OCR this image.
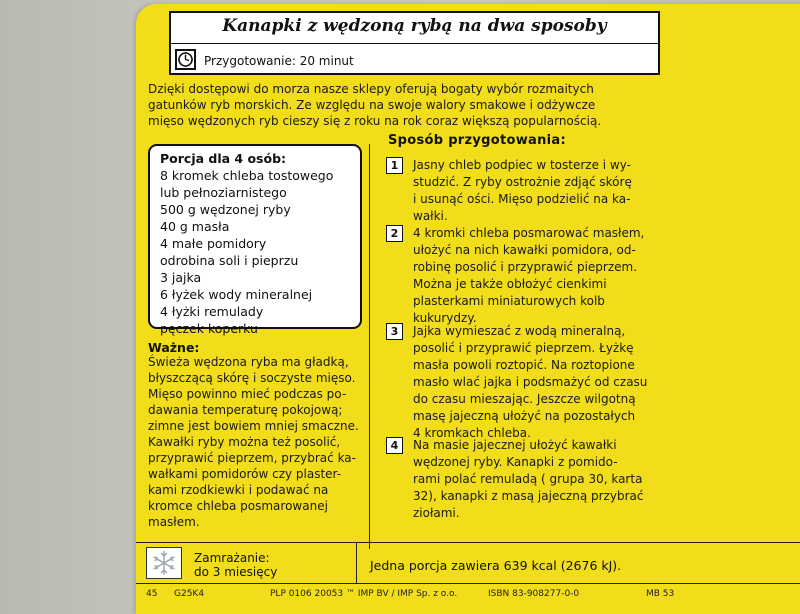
Kanapki z wędzoną rybą na dwa sposoby
Przygotowanie: 20 minut
Dzięki dostępowi do morza nasze sklepy oferują bogaty wybór rozmaitych
gatunków ryb morskich. Ze względu na swoje walory smakowe i odżywcze
mięso wędzonych ryb cieszy się z roku na rok coraz większą popularnością.
Porcja dla 4 osób:
8 kromek chleba tostowego
lub pełnoziarnistego
500 g wędzonej ryby
40 g masła
4 małe pomidory
odrobina soli i pieprzu
3 jajka
6 łyżek wody mineralnej
4 łyżki remulady
pęczek koperku
Ważne:
Świeża wędzona ryba ma gładką,
błyszczącą skórę i soczyste mięso.
Mięso powinno mieć podczas po-
dawania temperaturę pokojową;
zimne jest bowiem mniej smaczne.
Kawałki ryby można też posolić,
przyprawić pieprzem, przybrać ka-
wałkami pomidorów czy plaster-
kami rzodkiewki i podawać na
kromce chleba posmarowanej
masłem.
Sposób przygotowania:
1	Jasny chleb podpiec w tosterze i wy-
studzić. Z ryby ostrożnie zdjąć skórę
i usunąć ości. Mięso podzielić na ka-
wałki.
2	4 kromki chleba posmarować masłem,
ułożyć na nich kawałki pomidora, od-
robinę posolić i przyprawić pieprzem.
Można je także obłożyć cienkimi
plasterkami miniaturowych kolb
kukurydzy.
3	Jajka wymieszać z wodą mineralną,
posolić i przyprawić pieprzem. Łyżkę
masła powoli roztopić. Na roztopione
masło wlać jajka i podsmażyć od czasu
do czasu mieszając. Jeszcze wilgotną
masę jajeczną ułożyć na pozostałych
4 kromkach chleba.
4	Na masie jajecznej ułożyć kawałki
wędzonej ryby. Kanapki z pomido-
rami polać remuladą ( grupa 30, karta
32), kanapki z masą jajeczną przybrać
ziołami.
Zamrażanie:
do 3 miesięcy	Jedna porcja zawiera 639 kcal (2676 kJ).
45 G25K4	PLP 0106 20053 ™ IMP BV / IMP Sp. z o.o.	ISBN 83-908277-0-0	MB 53
